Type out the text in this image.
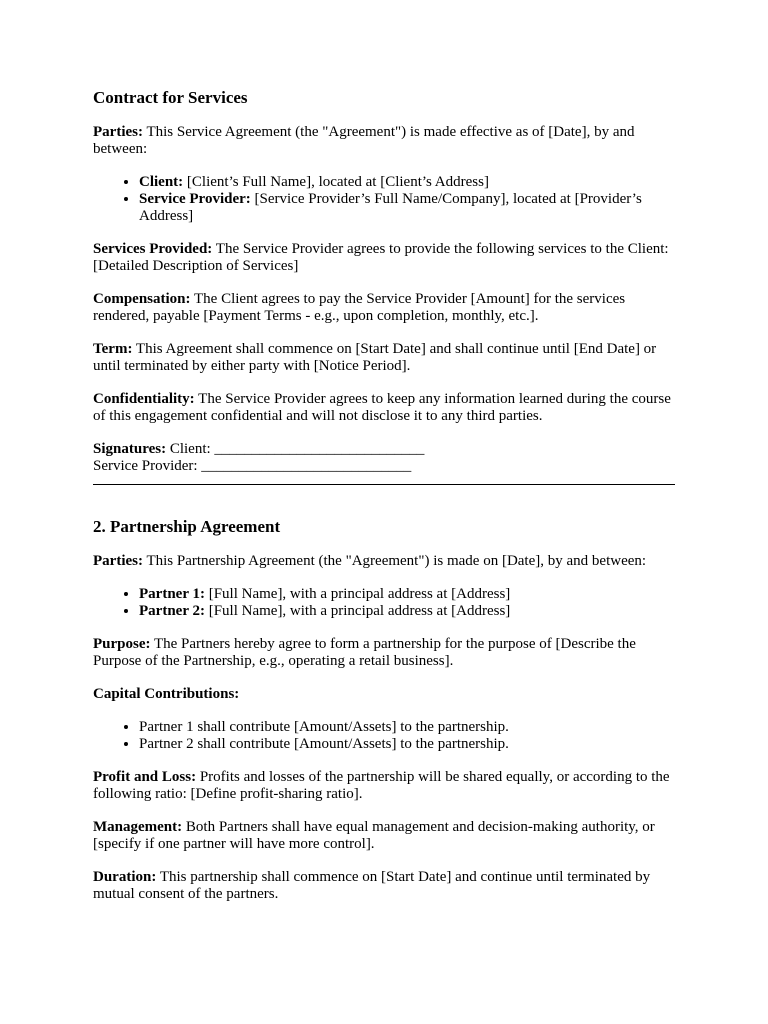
Contract for Services

Parties: This Service Agreement (the "Agreement") is made effective as of [Date], by and between:

• Client: [Client’s Full Name], located at [Client’s Address]
• Service Provider: [Service Provider’s Full Name/Company], located at [Provider’s Address]

Services Provided: The Service Provider agrees to provide the following services to the Client:
[Detailed Description of Services]

Compensation: The Client agrees to pay the Service Provider [Amount] for the services rendered, payable [Payment Terms - e.g., upon completion, monthly, etc.].

Term: This Agreement shall commence on [Start Date] and shall continue until [End Date] or until terminated by either party with [Notice Period].

Confidentiality: The Service Provider agrees to keep any information learned during the course of this engagement confidential and will not disclose it to any third parties.

Signatures: Client: ____________________________
Service Provider: ____________________________
2. Partnership Agreement

Parties: This Partnership Agreement (the "Agreement") is made on [Date], by and between:

• Partner 1: [Full Name], with a principal address at [Address]
• Partner 2: [Full Name], with a principal address at [Address]

Purpose: The Partners hereby agree to form a partnership for the purpose of [Describe the Purpose of the Partnership, e.g., operating a retail business].

Capital Contributions:

• Partner 1 shall contribute [Amount/Assets] to the partnership.
• Partner 2 shall contribute [Amount/Assets] to the partnership.

Profit and Loss: Profits and losses of the partnership will be shared equally, or according to the following ratio: [Define profit-sharing ratio].

Management: Both Partners shall have equal management and decision-making authority, or [specify if one partner will have more control].

Duration: This partnership shall commence on [Start Date] and continue until terminated by mutual consent of the partners.
